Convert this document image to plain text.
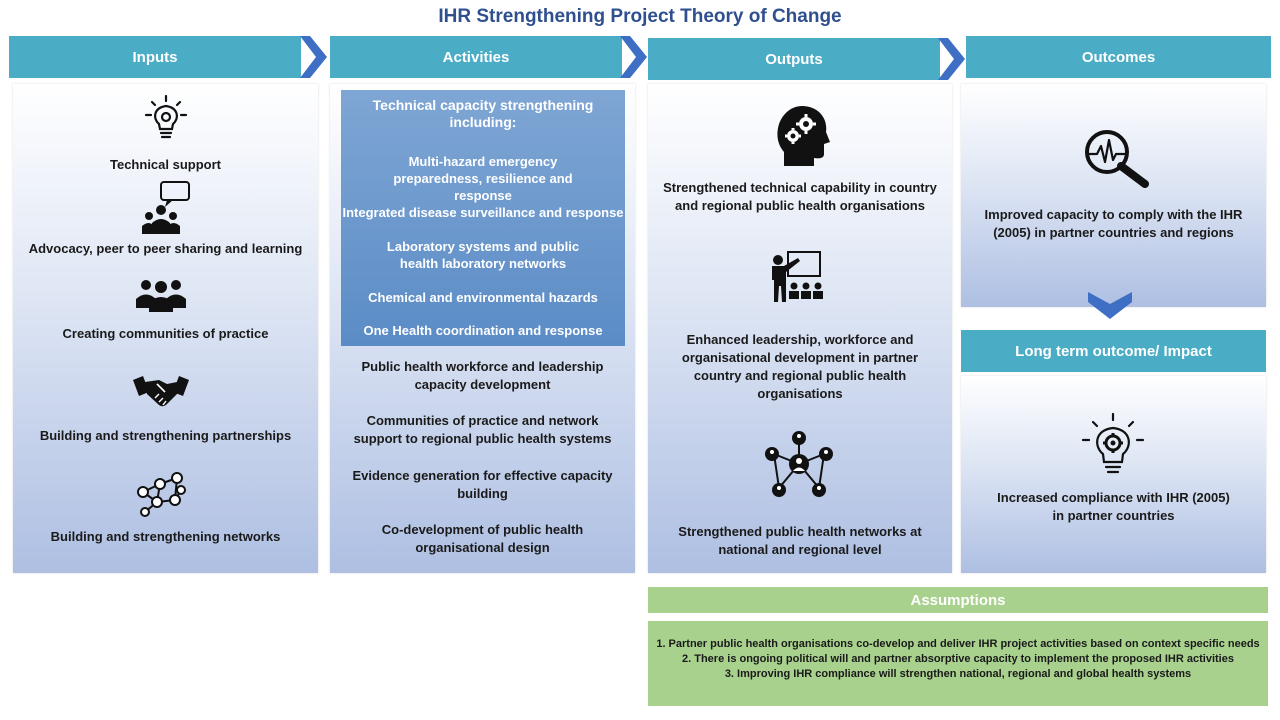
IHR Strengthening Project Theory of Change
Inputs	Activities	Outputs	Outcomes
Technical support
Advocacy, peer to peer sharing and learning
Creating communities of practice
Building and strengthening partnerships
Building and strengthening networks
Public health workforce and leadership capacity development
Communities of practice and network support to regional public health systems
Evidence generation for effective capacity building
Co-development of public health organisational design
Technical capacity strengthening including:
Multi-hazard emergency preparedness, resilience and response
Integrated disease surveillance and response
Laboratory systems and public health laboratory networks
Chemical and environmental hazards
One Health coordination and response
Strengthened technical capability in country and regional public health organisations
Enhanced leadership, workforce and organisational development in partner country and regional public health organisations
Strengthened public health networks at national and regional level
Improved capacity to comply with the IHR (2005) in partner countries and regions
Long term outcome/ Impact
Increased compliance with IHR (2005) in partner countries
Assumptions
1. Partner public health organisations co-develop and deliver IHR project activities based on context specific needs
2. There is ongoing political will and partner absorptive capacity to implement the proposed IHR activities
3. Improving IHR compliance will strengthen national, regional and global health systems
